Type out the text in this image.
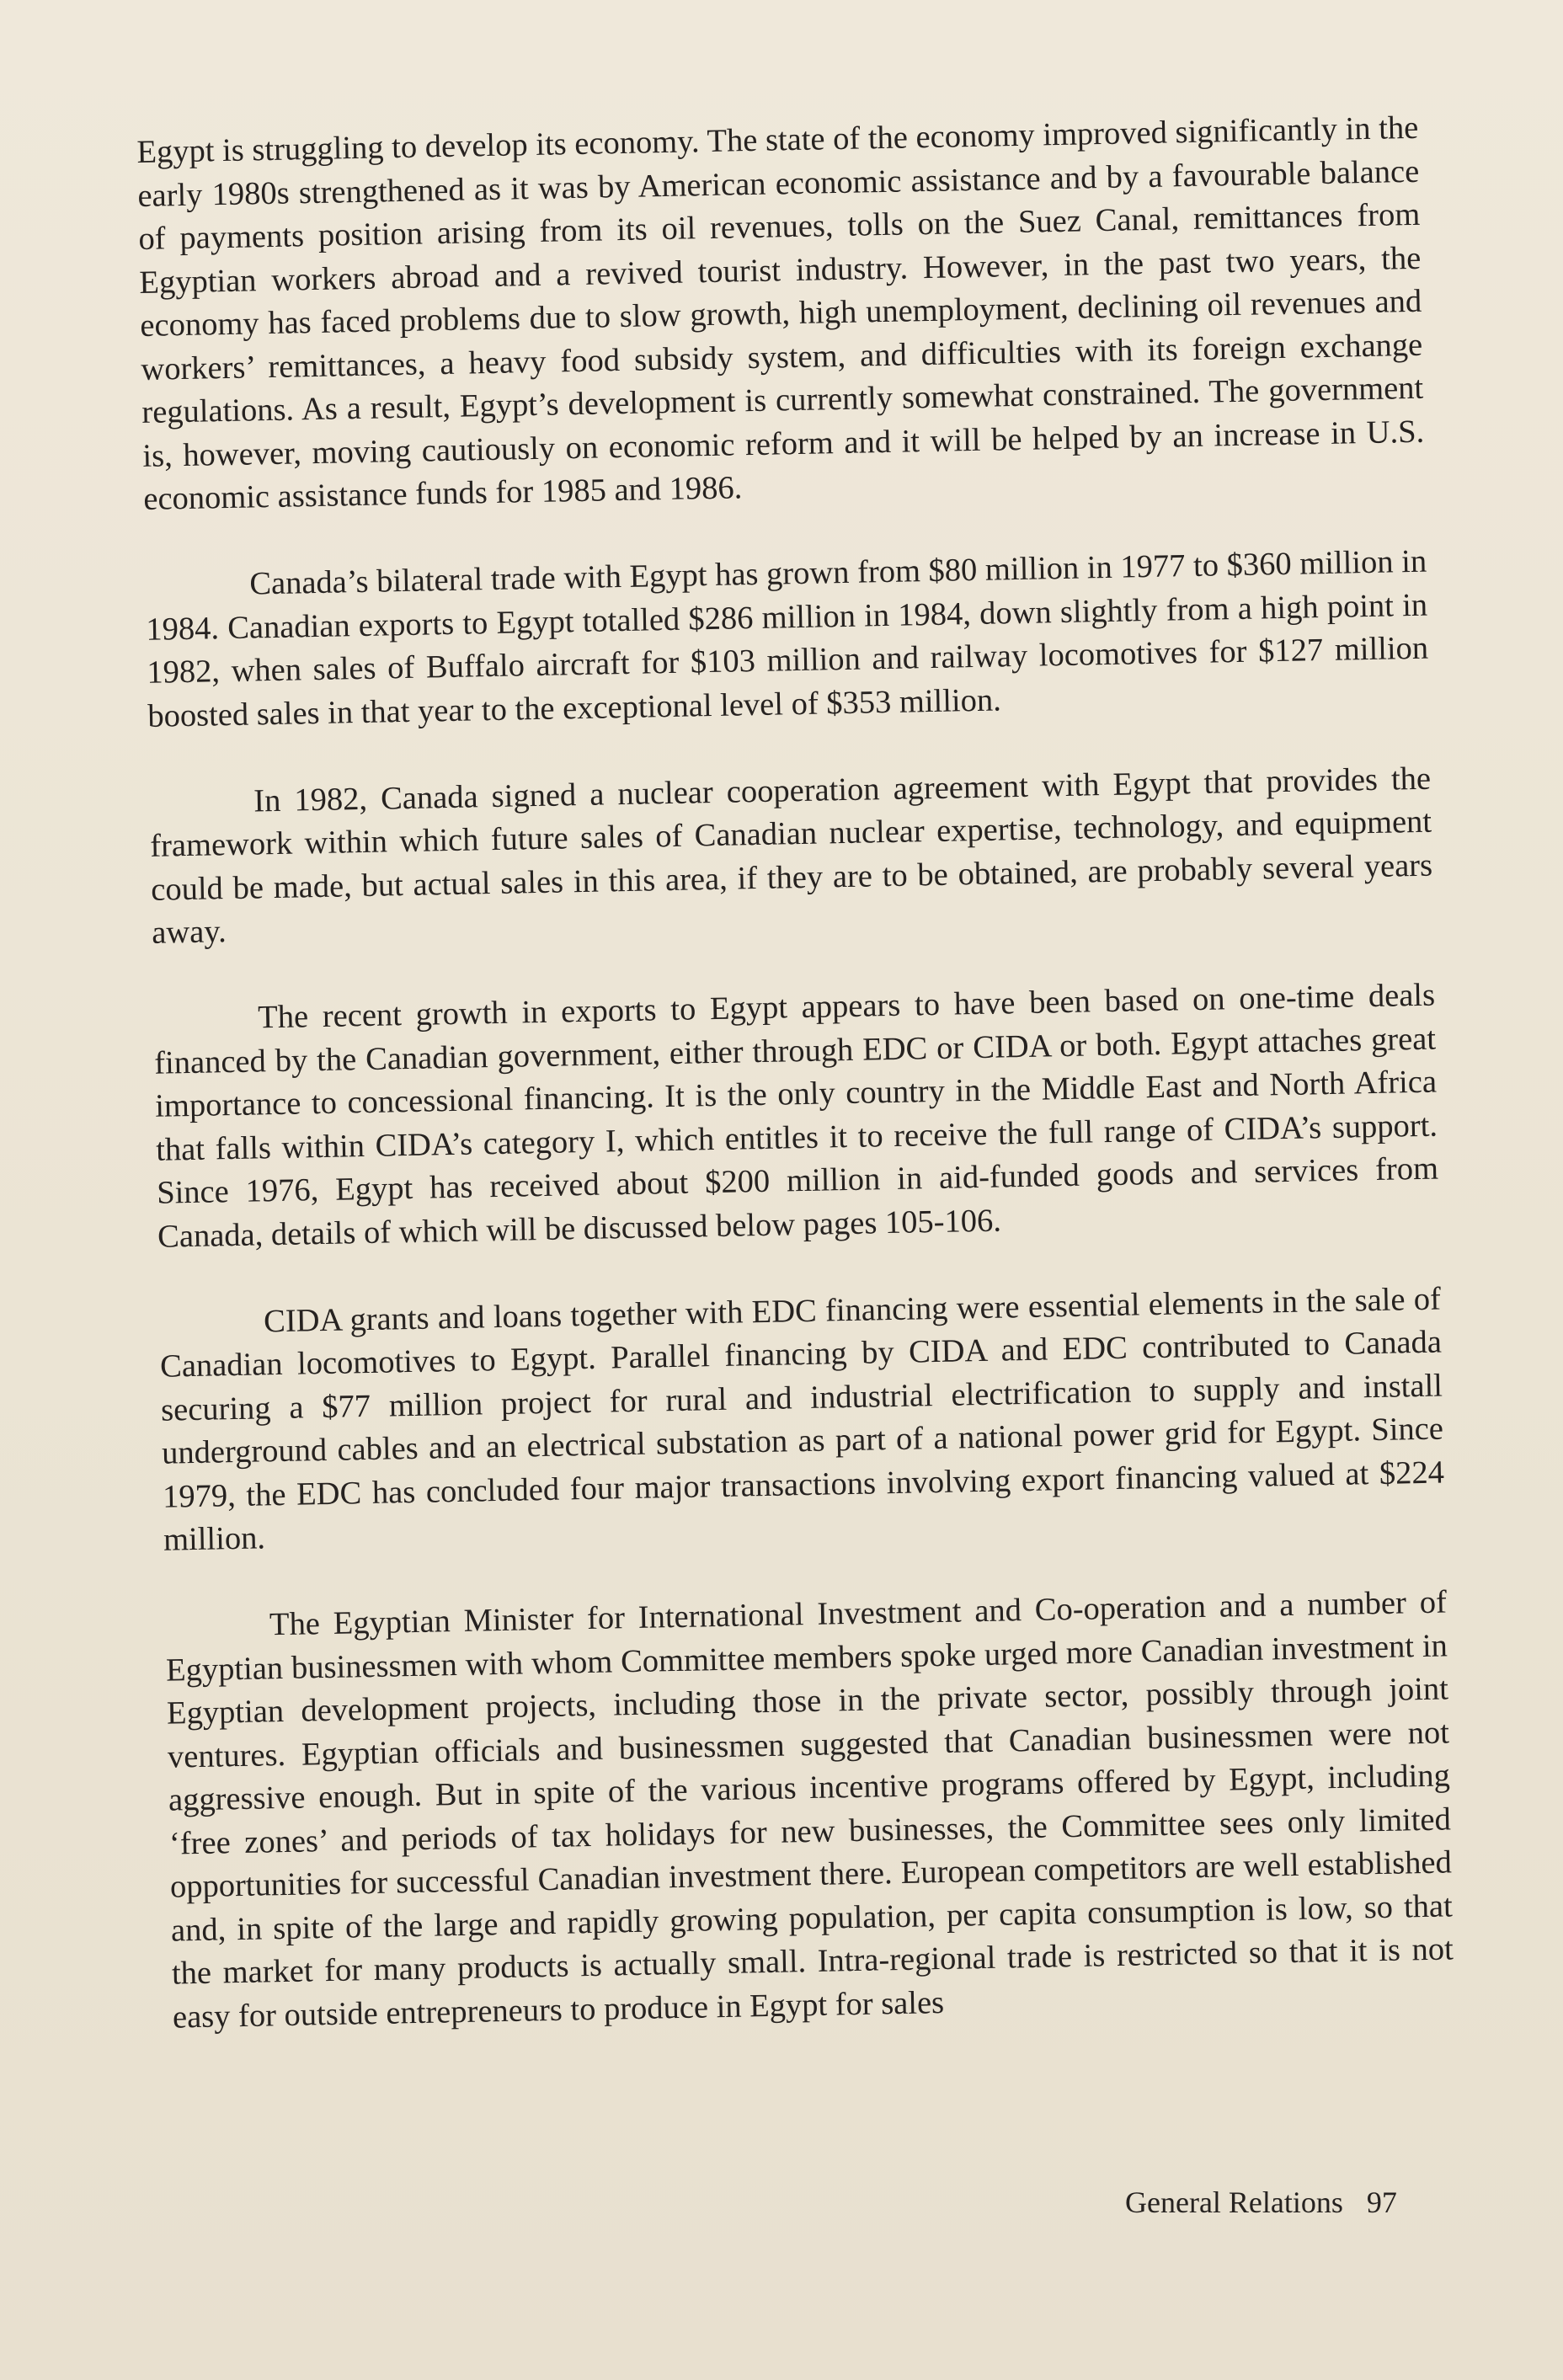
Egypt is struggling to develop its economy. The state of the economy improved significantly in the early 1980s strengthened as it was by American economic assistance and by a favourable balance of payments position arising from its oil revenues, tolls on the Suez Canal, remittances from Egyptian workers abroad and a revived tourist industry. However, in the past two years, the economy has faced problems due to slow growth, high unemployment, declining oil revenues and workers’ remittances, a heavy food subsidy system, and difficulties with its foreign exchange regulations. As a result, Egypt’s development is currently somewhat constrained. The government is, however, moving cautiously on economic reform and it will be helped by an increase in U.S. economic assistance funds for 1985 and 1986.

Canada’s bilateral trade with Egypt has grown from $80 million in 1977 to $360 million in 1984. Canadian exports to Egypt totalled $286 million in 1984, down slightly from a high point in 1982, when sales of Buffalo aircraft for $103 million and railway locomotives for $127 million boosted sales in that year to the exceptional level of $353 million.

In 1982, Canada signed a nuclear cooperation agreement with Egypt that provides the framework within which future sales of Canadian nuclear expertise, technology, and equipment could be made, but actual sales in this area, if they are to be obtained, are probably several years away.

The recent growth in exports to Egypt appears to have been based on one-time deals financed by the Canadian government, either through EDC or CIDA or both. Egypt attaches great importance to concessional financing. It is the only country in the Middle East and North Africa that falls within CIDA’s category I, which entitles it to receive the full range of CIDA’s support. Since 1976, Egypt has received about $200 million in aid-funded goods and services from Canada, details of which will be discussed below pages 105-106.

CIDA grants and loans together with EDC financing were essential elements in the sale of Canadian locomotives to Egypt. Parallel financing by CIDA and EDC contributed to Canada securing a $77 million project for rural and industrial electrification to supply and install underground cables and an electrical substation as part of a national power grid for Egypt. Since 1979, the EDC has concluded four major transactions involving export financing valued at $224 million.

The Egyptian Minister for International Investment and Co-operation and a number of Egyptian businessmen with whom Committee members spoke urged more Canadian investment in Egyptian development projects, including those in the private sector, possibly through joint ventures. Egyptian officials and businessmen suggested that Canadian businessmen were not aggressive enough. But in spite of the various incentive programs offered by Egypt, including ‘free zones’ and periods of tax holidays for new businesses, the Committee sees only limited opportunities for successful Canadian investment there. European competitors are well established and, in spite of the large and rapidly growing population, per capita consumption is low, so that the market for many products is actually small. Intra-regional trade is restricted so that it is not easy for outside entrepreneurs to produce in Egypt for sales

General Relations 97
